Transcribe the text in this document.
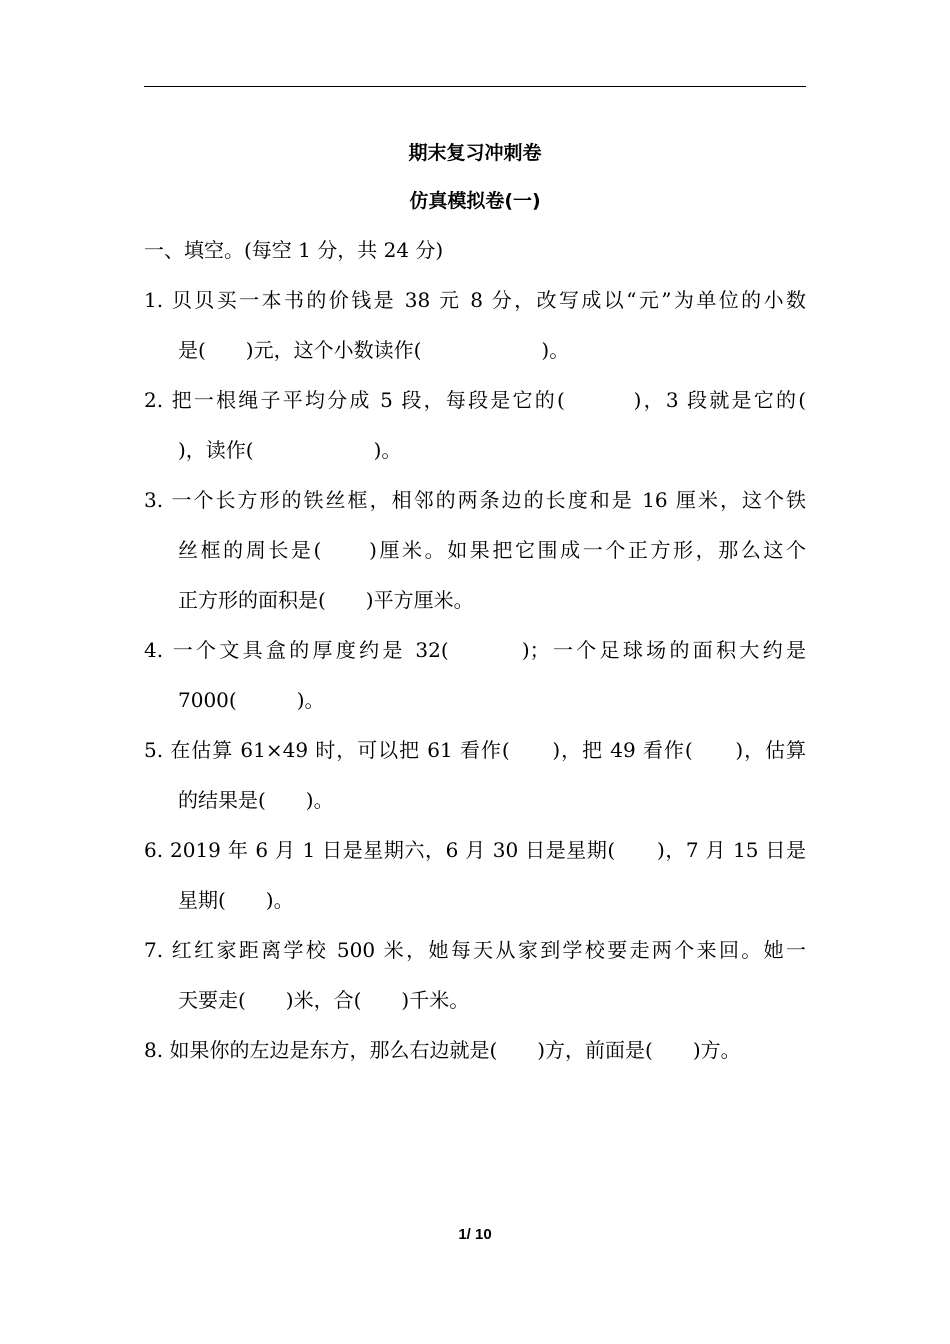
期末复习冲刺卷
仿真模拟卷(一)
一、填空。(每空 1 分，共 24 分)
1. 贝贝买一本书的价钱是 38 元 8 分，改写成以“元”为单位的小数
是(　　)元，这个小数读作(　　　　　　)。
2. 把一根绳子平均分成 5 段，每段是它的(　　　)，3 段就是它的(
)，读作(　　　　　　)。
3. 一个长方形的铁丝框，相邻的两条边的长度和是 16 厘米，这个铁
丝框的周长是(　　)厘米。如果把它围成一个正方形，那么这个
正方形的面积是(　　)平方厘米。
4. 一个文具盒的厚度约是 32(　　　)；一个足球场的面积大约是
7000(　　　)。
5. 在估算 61×49 时，可以把 61 看作(　　)，把 49 看作(　　)，估算
的结果是(　　)。
6. 2019 年 6 月 1 日是星期六，6 月 30 日是星期(　　)，7 月 15 日是
星期(　　)。
7. 红红家距离学校 500 米，她每天从家到学校要走两个来回。她一
天要走(　　)米，合(　　)千米。
8. 如果你的左边是东方，那么右边就是(　　)方，前面是(　　)方。
1/ 10
